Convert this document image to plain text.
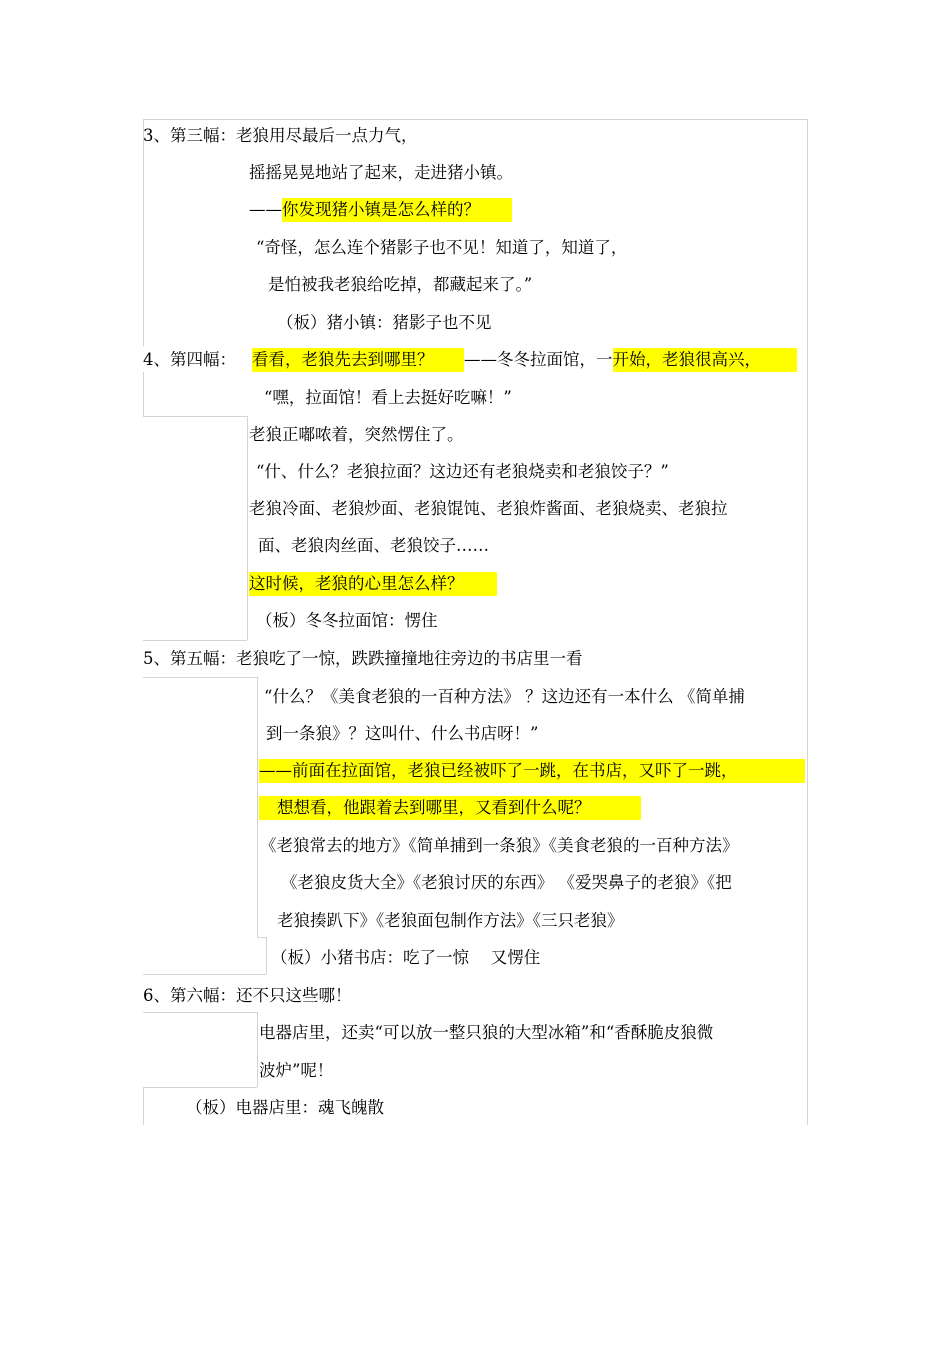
3、第三幅：老狼用尽最后一点力气，
摇摇晃晃地站了起来，走进猪小镇。
——你发现猪小镇是怎么样的？
“奇怪，怎么连个猪影子也不见！知道了，知道了，
是怕被我老狼给吃掉，都藏起来了。”
（板）猪小镇：猪影子也不见
4、第四幅： 看看，老狼先去到哪里？ ——冬冬拉面馆，一开始，老狼很高兴，
“嘿，拉面馆！看上去挺好吃嘛！”
老狼正嘟哝着，突然愣住了。
“什、什么？老狼拉面？这边还有老狼烧卖和老狼饺子？”
老狼冷面、老狼炒面、老狼馄饨、老狼炸酱面、老狼烧卖、老狼拉
面、老狼肉丝面、老狼饺子……
这时候，老狼的心里怎么样？
（板）冬冬拉面馆：愣住
5、第五幅：老狼吃了一惊，跌跌撞撞地往旁边的书店里一看
“什么？《美食老狼的一百种方法》 ？这边还有一本什么 《简单捕
到一条狼》？这叫什、什么书店呀！”
——前面在拉面馆，老狼已经被吓了一跳，在书店，又吓了一跳，
想想看，他跟着去到哪里，又看到什么呢？
《老狼常去的地方》《简单捕到一条狼》《美食老狼的一百种方法》
《老狼皮货大全》《老狼讨厌的东西》 《爱哭鼻子的老狼》《把
老狼揍趴下》《老狼面包制作方法》《三只老狼》
（板）小猪书店：吃了一惊　 又愣住
6、第六幅：还不只这些哪！
电器店里，还卖“可以放一整只狼的大型冰箱”和“香酥脆皮狼微
波炉”呢！
（板）电器店里：魂飞魄散
